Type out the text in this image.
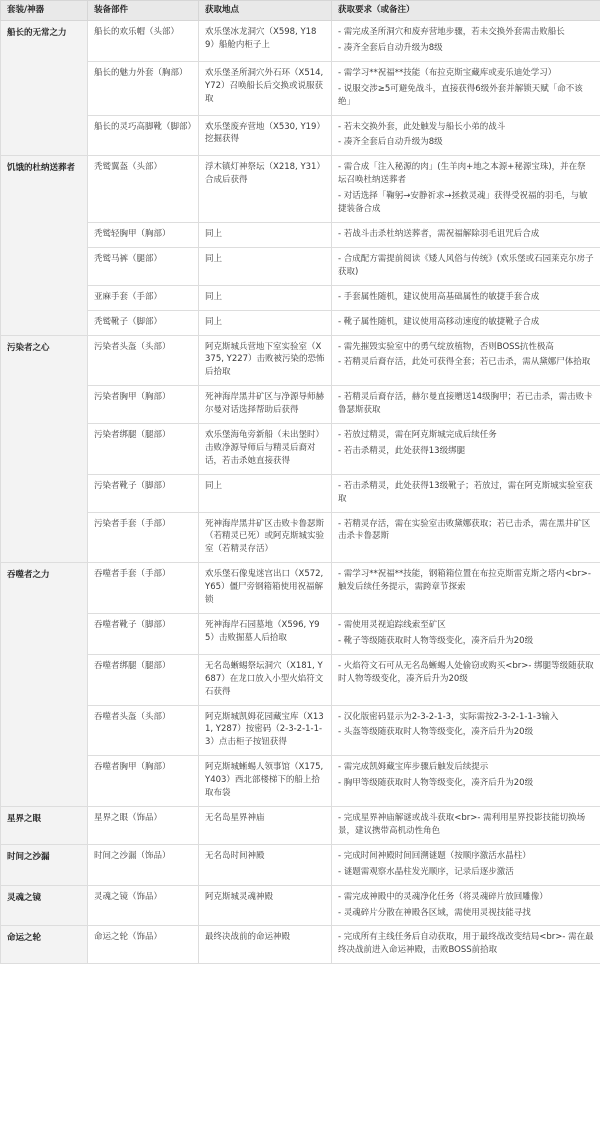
套装/神器	装备部件	获取地点	获取要求（或备注）
船长的无常之力	船长的欢乐帽（头部）	欢乐堡冰龙洞穴（X598, Y189）船舱内柜子上	- 需完成圣所洞穴和废弃营地步骤，若未交换外套需击败船长
- 凑齐全套后自动升级为8级

	船长的魅力外套（胸部）	欢乐堡圣所洞穴外石环（X514, Y72）召唤船长后交换或说服获取	- 需学习**祝福**技能（布拉克斯宝藏库或麦乐迪处学习）
- 说服交涉≥5可避免战斗，直接获得6级外套并解锁天赋「命不该绝」

	船长的灵巧高脚靴（脚部）	欢乐堡废弃营地（X530, Y19）挖掘获得	- 若未交换外套，此处触发与船长小弟的战斗
- 凑齐全套后自动升级为8级

饥饿的杜纳送葬者	秃鹫翼盔（头部）	浮木镇灯神祭坛（X218, Y31）合成后获得	- 需合成「注入秘源的肉」(生羊肉+地之本源+秘源宝珠)，并在祭坛召唤杜纳送葬者
- 对话选择「鞠躬→安静祈求→拯救灵魂」获得受祝福的羽毛，与敏捷装备合成

	秃鹫轻胸甲（胸部）	同上	- 若战斗击杀杜纳送葬者，需祝福解除羽毛诅咒后合成

	秃鹫马裤（腿部）	同上	- 合成配方需提前阅读《矮人风俗与传统》(欢乐堡或石园莱克尔房子获取)

	亚麻手套（手部）	同上	- 手套属性随机，建议使用高基础属性的敏捷手套合成

	秃鹫靴子（脚部）	同上	- 靴子属性随机，建议使用高移动速度的敏捷靴子合成

污染者之心	污染者头盔（头部）	阿克斯城兵营地下室实验室（X375, Y227）击败被污染的恐怖后拾取	- 需先摧毁实验室中的勇气绽放植物，否则BOSS抗性极高
- 若精灵后裔存活，此处可获得全套；若已击杀，需从黛娜尸体拾取

	污染者胸甲（胸部）	死神海岸黑井矿区与净源导师赫尔曼对话选择帮助后获得	- 若精灵后裔存活，赫尔曼直接赠送14级胸甲；若已击杀，需击败卡鲁瑟斯获取

	污染者绑腿（腿部）	欢乐堡海龟旁新船（未出堡时）击败净源导师后与精灵后裔对话，若击杀她直接获得	- 若放过精灵，需在阿克斯城完成后续任务
- 若击杀精灵，此处获得13级绑腿

	污染者靴子（脚部）	同上	- 若击杀精灵，此处获得13级靴子；若放过，需在阿克斯城实验室获取

	污染者手套（手部）	死神海岸黑井矿区击败卡鲁瑟斯（若精灵已死）或阿克斯城实验室（若精灵存活）	- 若精灵存活，需在实验室击败黛娜获取；若已击杀，需在黑井矿区击杀卡鲁瑟斯

吞噬者之力	吞噬者手套（手部）	欢乐堡石像鬼迷宫出口（X572, Y65）僵尸旁钢箱箱使用祝福解锁	- 需学习**祝福**技能，钢箱箱位置在布拉克斯雷克斯之塔内<br>- 触发后续任务提示，需跨章节探索

	吞噬者靴子（脚部）	死神海岸石园墓地（X596, Y95）击败掘墓人后拾取	- 需使用灵视追踪线索至矿区
- 靴子等级随获取时人物等级变化，凑齐后升为20级

	吞噬者绑腿（腿部）	无名岛蜥蜴祭坛洞穴（X181, Y687）在龙口放入小型火焰符文石获得	- 火焰符文石可从无名岛蜥蜴人处偷窃或购买<br>- 绑腿等级随获取时人物等级变化，凑齐后升为20级

	吞噬者头盔（头部）	阿克斯城凯姆花园藏宝库（X131, Y287）按密码（2-3-2-1-1-3）点击柜子按钮获得	- 汉化版密码显示为2-3-2-1-3，实际需按2-3-2-1-1-3输入
- 头盔等级随获取时人物等级变化，凑齐后升为20级

	吞噬者胸甲（胸部）	阿克斯城蜥蜴人领事馆（X175, Y403）西北部楼梯下的船上拾取布袋	- 需完成凯姆藏宝库步骤后触发后续提示
- 胸甲等级随获取时人物等级变化，凑齐后升为20级

星界之眼	星界之眼（饰品）	无名岛星界神庙	- 完成星界神庙解谜或战斗获取<br>- 需利用星界投影技能切换场景，建议携带高机动性角色

时间之沙漏	时间之沙漏（饰品）	无名岛时间神殿	- 完成时间神殿时间回溯谜题（按顺序激活水晶柱）
- 谜题需观察水晶柱发光顺序，记录后逐步激活

灵魂之镜	灵魂之镜（饰品）	阿克斯城灵魂神殿	- 需完成神殿中的灵魂净化任务（将灵魂碎片放回雕像）
- 灵魂碎片分散在神殿各区域，需使用灵视技能寻找

命运之轮	命运之轮（饰品）	最终决战前的命运神殿	- 完成所有主线任务后自动获取，用于最终战改变结局<br>- 需在最终决战前进入命运神殿，击败BOSS前拾取
